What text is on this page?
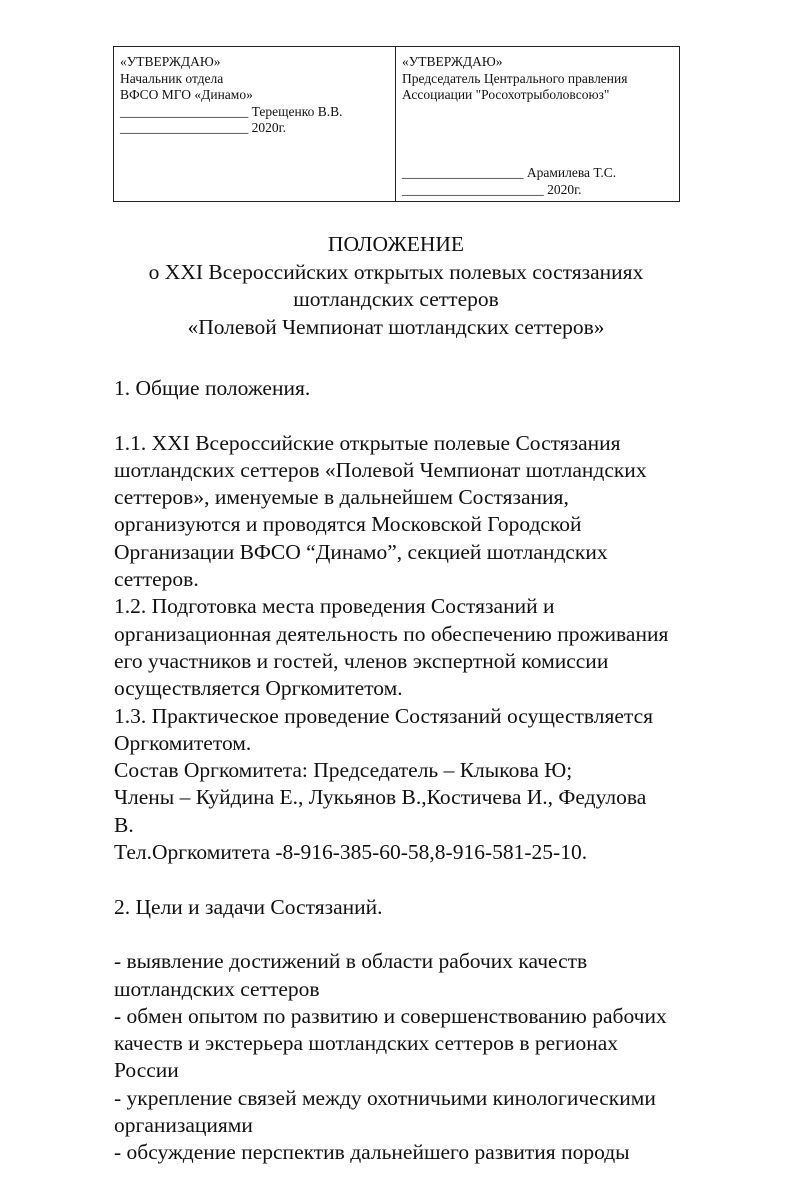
«УТВЕРЖДАЮ»
Начальник отдела
ВФСО МГО «Динамо»
___________________ Терещенко В.В.
___________________ 2020г.
«УТВЕРЖДАЮ»
Председатель Центрального правления
Ассоциации "Росохотрыболовсоюз"
__________________ Арамилева Т.С.
_____________________ 2020г.
ПОЛОЖЕНИЕ
о XXI Всероссийских открытых полевых состязаниях
шотландских сеттеров
«Полевой Чемпионат шотландских сеттеров»
1. Общие положения.
1.1. XXI Всероссийские открытые полевые Состязания
шотландских сеттеров «Полевой Чемпионат шотландских
сеттеров», именуемые в дальнейшем Состязания,
организуются и проводятся Московской Городской
Организации ВФСО “Динамо”, секцией шотландских
сеттеров.
1.2. Подготовка места проведения Состязаний и
организационная деятельность по обеспечению проживания
его участников и гостей, членов экспертной комиссии
осуществляется Оргкомитетом.
1.3. Практическое проведение Состязаний осуществляется
Оргкомитетом.
Состав Оргкомитета: Председатель – Клыкова Ю;
Члены – Куйдина Е., Лукьянов В.,Костичева И., Федулова
В.
Тел.Оргкомитета -8-916-385-60-58,8-916-581-25-10.
2. Цели и задачи Состязаний.
- выявление достижений в области рабочих качеств
шотландских сеттеров
- обмен опытом по развитию и совершенствованию рабочих
качеств и экстерьера шотландских сеттеров в регионах
России
- укрепление связей между охотничьими кинологическими
организациями
- обсуждение перспектив дальнейшего развития породы
